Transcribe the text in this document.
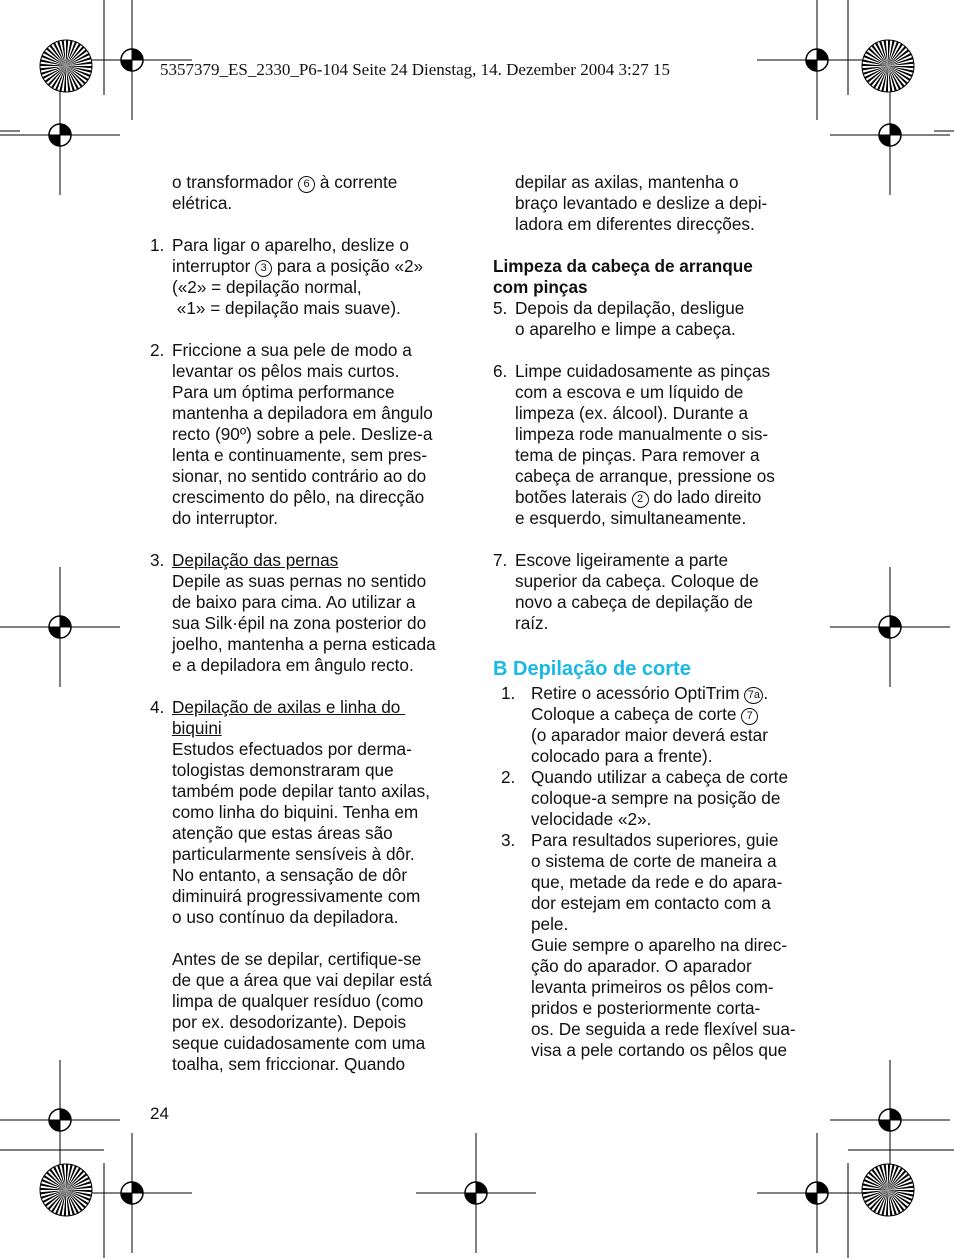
5357379_ES_2330_P6-104 Seite 24 Dienstag, 14. Dezember 2004 3:27 15

o transformador 6 à corrente

elétrica.

1. Para ligar o aparelho, deslize o

interruptor 3 para a posição «2»

(«2» = depilação normal,

«1» = depilação mais suave).

2. Friccione a sua pele de modo a

levantar os pêlos mais curtos.

Para um óptima performance

mantenha a depiladora em ângulo

recto (90º) sobre a pele. Deslize-a

lenta e continuamente, sem pres-

sionar, no sentido contrário ao do

crescimento do pêlo, na direcção

do interruptor.

3. Depilação das pernas

Depile as suas pernas no sentido

de baixo para cima. Ao utilizar a

sua Silk·épil na zona posterior do

joelho, mantenha a perna esticada

e a depiladora em ângulo recto.

4. Depilação de axilas e linha do

biquini

Estudos efectuados por derma-

tologistas demonstraram que

também pode depilar tanto axilas,

como linha do biquini. Tenha em

atenção que estas áreas são

particularmente sensíveis à dôr.

No entanto, a sensação de dôr

diminuirá progressivamente com

o uso contínuo da depiladora.

Antes de se depilar, certifique-se

de que a área que vai depilar está

limpa de qualquer resíduo (como

por ex. desodorizante). Depois

seque cuidadosamente com uma

toalha, sem friccionar. Quando

depilar as axilas, mantenha o

braço levantado e deslize a depi-

ladora em diferentes direcções.

Limpeza da cabeça de arranque

com pinças

5. Depois da depilação, desligue

o aparelho e limpe a cabeça.

6. Limpe cuidadosamente as pinças

com a escova e um líquido de

limpeza (ex. álcool). Durante a

limpeza rode manualmente o sis-

tema de pinças. Para remover a

cabeça de arranque, pressione os

botões laterais 2 do lado direito

e esquerdo, simultaneamente.

7. Escove ligeiramente a parte

superior da cabeça. Coloque de

novo a cabeça de depilação de

raíz.

B Depilação de corte

1. Retire o acessório OptiTrim 7a .

Coloque a cabeça de corte 7

(o aparador maior deverá estar

colocado para a frente).

2. Quando utilizar a cabeça de corte

coloque-a sempre na posição de

velocidade «2».

3. Para resultados superiores, guie

o sistema de corte de maneira a

que, metade da rede e do apara-

dor estejam em contacto com a

pele.

Guie sempre o aparelho na direc-

ção do aparador. O aparador

levanta primeiros os pêlos com-

pridos e posteriormente corta-

os. De seguida a rede flexível sua-

visa a pele cortando os pêlos que

24
